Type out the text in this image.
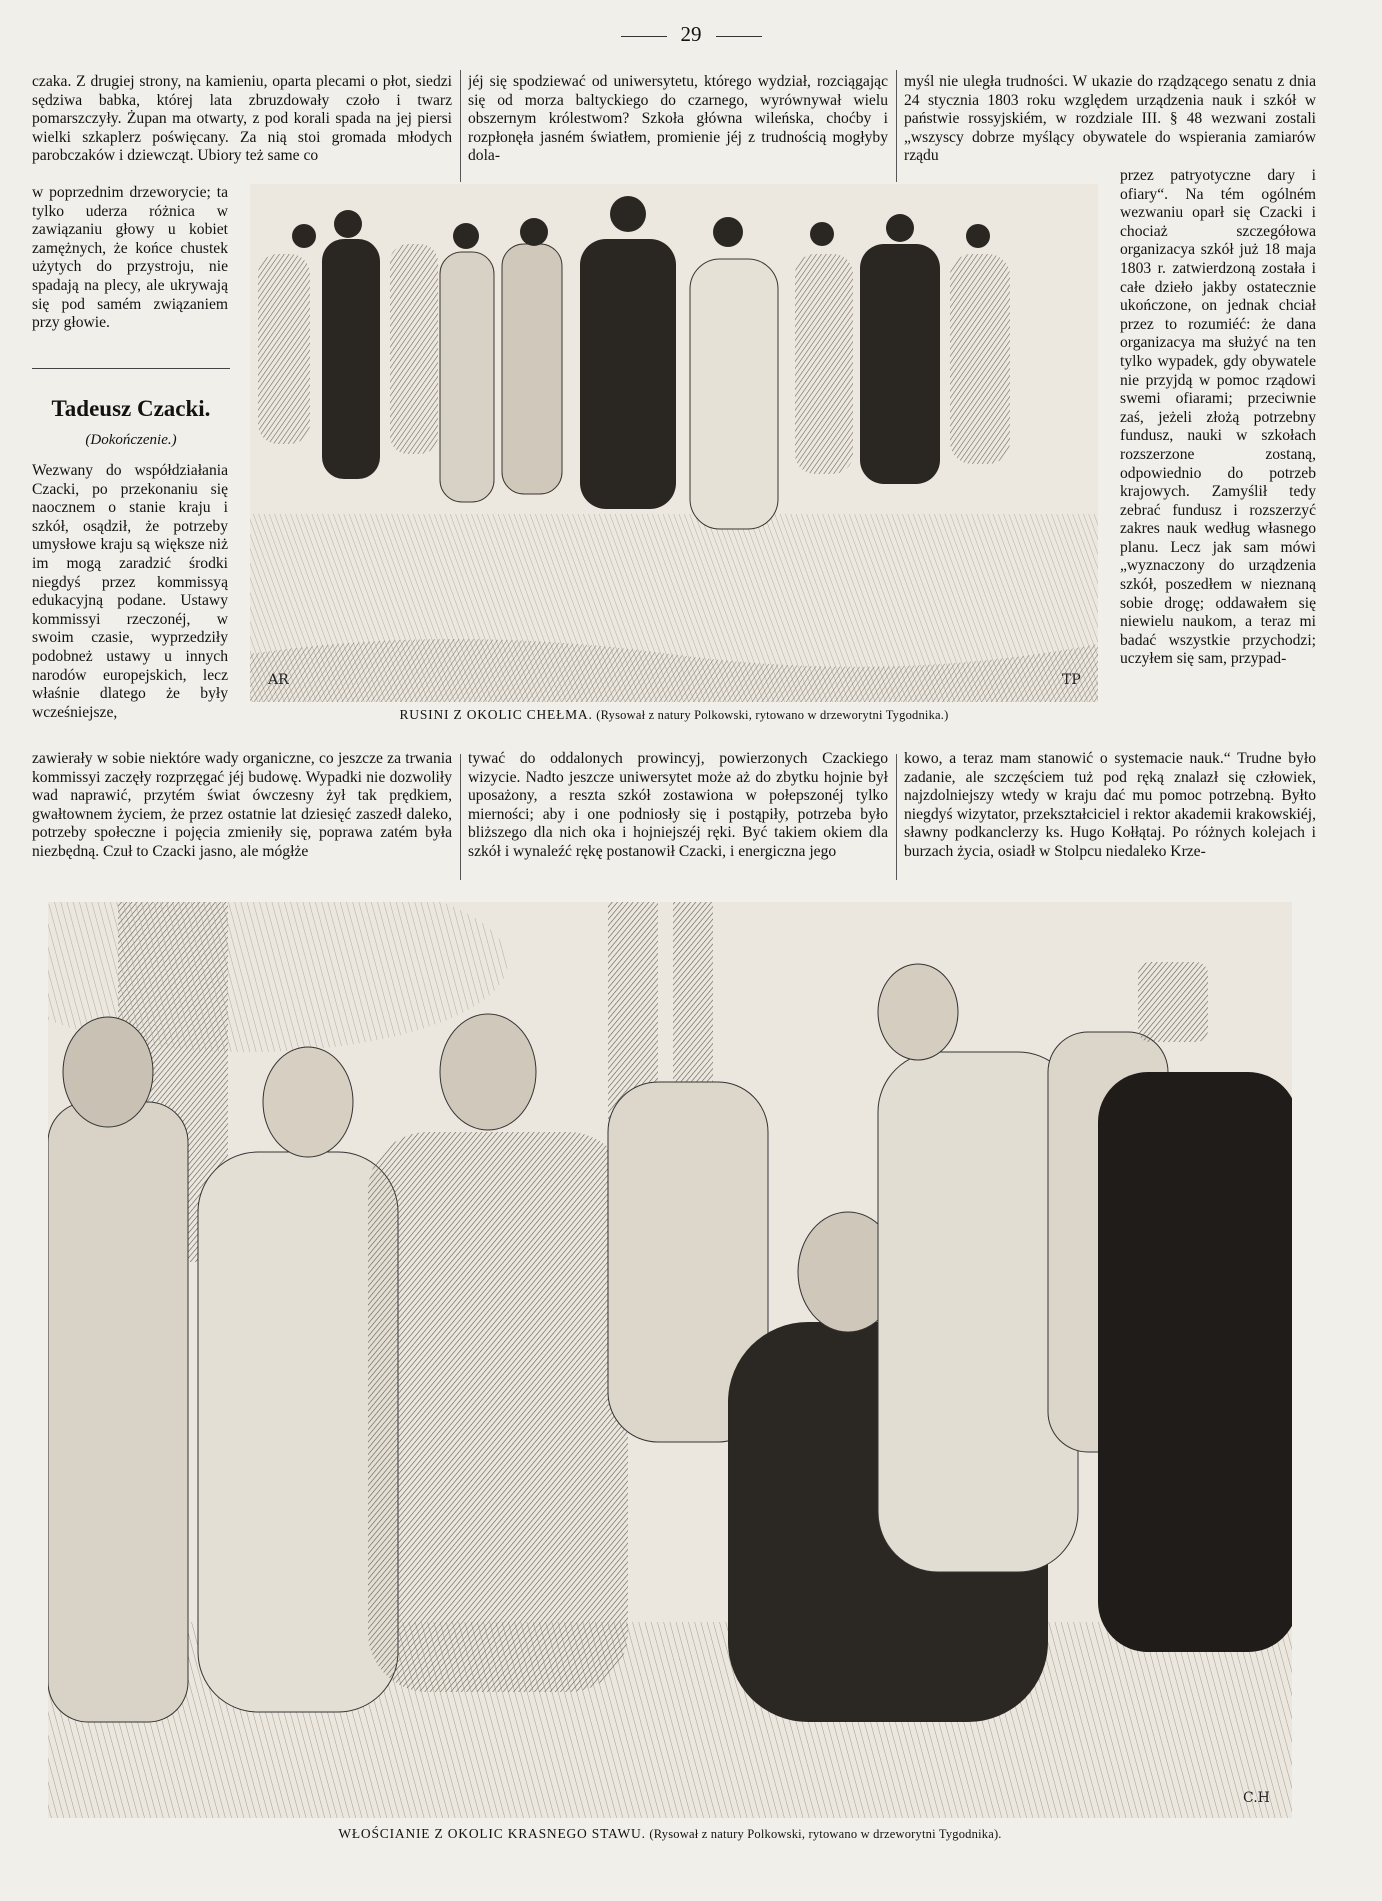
29
czaka. Z drugiej strony, na kamieniu, oparta plecami o płot, siedzi sędziwa babka, której lata zbruzdowały czoło i twarz pomarszczyły. Żupan ma otwarty, z pod korali spada na jej piersi wielki szkaplerz poświęcany. Za nią stoi gromada młodych parobczaków i dziewcząt. Ubiory też same co
jéj się spodziewać od uniwersytetu, którego wydział, rozciągając się od morza baltyckiego do czarnego, wyrównywał wielu obszernym królestwom? Szkoła główna wileńska, choćby i rozpłonęła jasném światłem, promienie jéj z trudnością mogłyby dola-
myśl nie uległa trudności. W ukazie do rządzącego senatu z dnia 24 stycznia 1803 roku względem urządzenia nauk i szkół w państwie rossyjskiém, w rozdziale III. § 48 wezwani zostali „wszyscy dobrze myślący obywatele do wspierania zamiarów rządu
w poprzednim drzeworycie; ta tylko uderza różnica w zawiązaniu głowy u kobiet zamężnych, że końce chustek użytych do przystroju, nie spadają na plecy, ale ukrywają się pod samém związaniem przy głowie.
Tadeusz Czacki.
(Dokończenie.)
Wezwany do współdziałania Czacki, po przekonaniu się naocznem o stanie kraju i szkół, osądził, że potrzeby umysłowe kraju są większe niż im mogą zaradzić środki niegdyś przez kommissyą edukacyjną podane. Ustawy kommissyi rzeczonéj, w swoim czasie, wyprzedziły podobneż ustawy u innych narodów europejskich, lecz właśnie dlatego że były wcześniejsze,
AR	TP
RUSINI Z OKOLIC CHEŁMA. (Rysował z natury Polkowski, rytowano w drzeworytni Tygodnika.)
przez patryotyczne dary i ofiary“. Na tém ogólném wezwaniu oparł się Czacki i chociaż szczegółowa organizacya szkół już 18 maja 1803 r. zatwierdzoną została i całe dzieło jakby ostatecznie ukończone, on jednak chciał przez to rozumiéć: że dana organizacya ma służyć na ten tylko wypadek, gdy obywatele nie przyjdą w pomoc rządowi swemi ofiarami; przeciwnie zaś, jeżeli złożą potrzebny fundusz, nauki w szkołach rozszerzone zostaną, odpowiednio do potrzeb krajowych. Zamyślił tedy zebrać fundusz i rozszerzyć zakres nauk według własnego planu. Lecz jak sam mówi „wyznaczony do urządzenia szkół, poszedłem w nieznaną sobie drogę; oddawałem się niewielu naukom, a teraz mi badać wszystkie przychodzi; uczyłem się sam, przypad-
zawierały w sobie niektóre wady organiczne, co jeszcze za trwania kommissyi zaczęły rozprzęgać jéj budowę. Wypadki nie dozwoliły wad naprawić, przytém świat ówczesny żył tak prędkiem, gwałtownem życiem, że przez ostatnie lat dziesięć zaszedł daleko, potrzeby społeczne i pojęcia zmieniły się, poprawa zatém była niezbędną. Czuł to Czacki jasno, ale mógłże
tywać do oddalonych prowincyj, powierzonych Czackiego wizycie. Nadto jeszcze uniwersytet może aż do zbytku hojnie był uposażony, a reszta szkół zostawiona w połepszonéj tylko mierności; aby i one podniosły się i postąpiły, potrzeba było bliższego dla nich oka i hojniejszéj ręki. Być takiem okiem dla szkół i wynaleźć rękę postanowił Czacki, i energiczna jego
kowo, a teraz mam stanowić o systemacie nauk.“ Trudne było zadanie, ale szczęściem tuż pod ręką znalazł się człowiek, najzdolniejszy wtedy w kraju dać mu pomoc potrzebną. Byłto niegdyś wizytator, przekształciciel i rektor akademii krakowskiéj, sławny podkanclerzy ks. Hugo Kołłątaj. Po różnych kolejach i burzach życia, osiadł w Stolpcu niedaleko Krze-
C.H
WŁOŚCIANIE Z OKOLIC KRASNEGO STAWU. (Rysował z natury Polkowski, rytowano w drzeworytni Tygodnika).
